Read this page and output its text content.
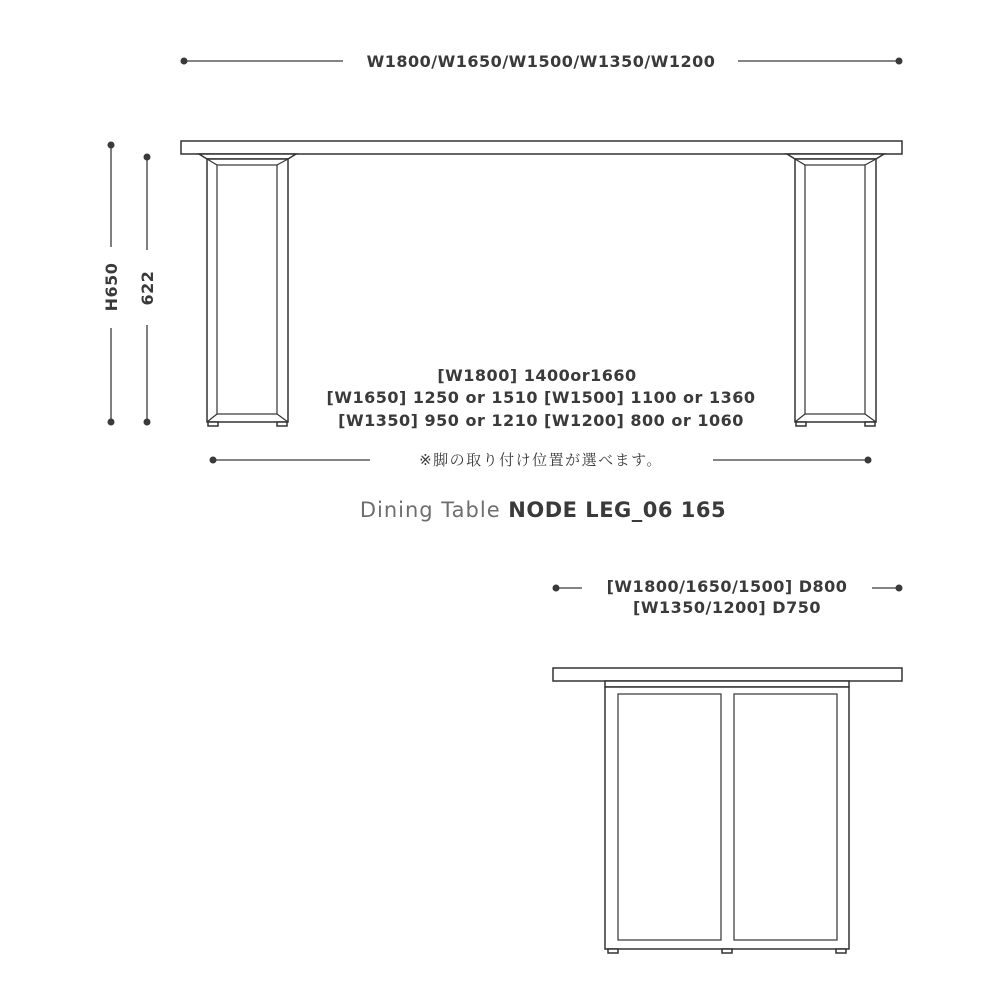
W1800/W1650/W1500/W1350/W1200
H650 622
[W1800] 1400or1660
[W1650] 1250 or 1510 [W1500] 1100 or 1360
[W1350] 950 or 1210 [W1200] 800 or 1060
※脚の取り付け位置が選べます。
Dining Table NODE LEG_06 165
[W1800/1650/1500] D800
[W1350/1200] D750
